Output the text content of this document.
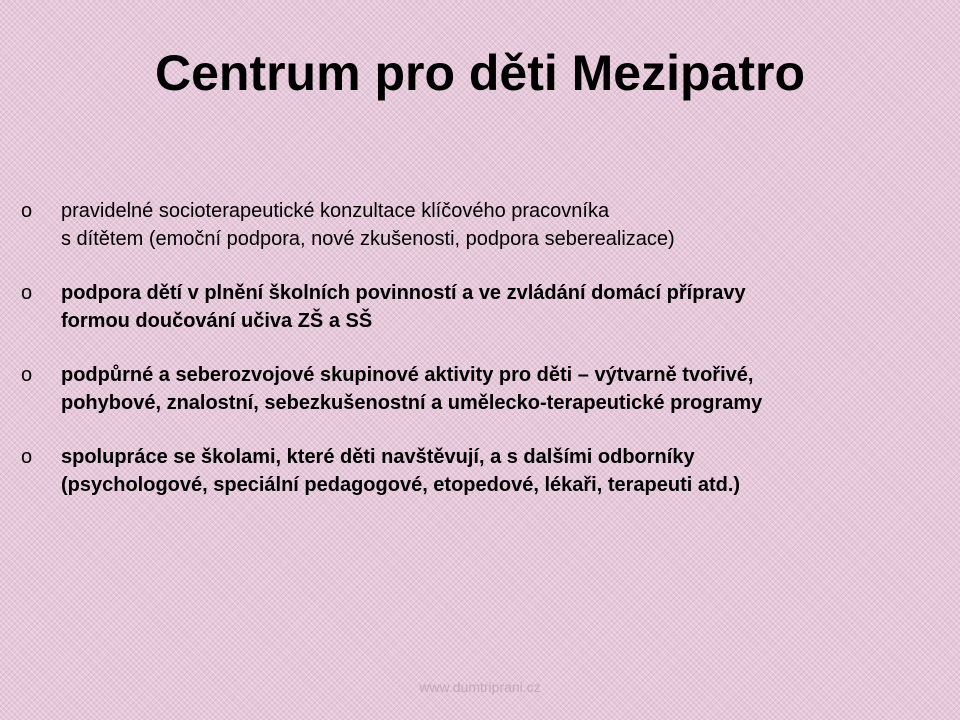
Centrum pro děti Mezipatro
o pravidelné socioterapeutické konzultace klíčového pracovníka
s dítětem (emoční podpora, nové zkušenosti, podpora seberealizace)
o podpora dětí v plnění školních povinností a ve zvládání domácí přípravy
formou doučování učiva ZŠ a SŠ
o podpůrné a seberozvojové skupinové aktivity pro děti – výtvarně tvořivé,
pohybové, znalostní, sebezkušenostní a umělecko-terapeutické programy
o spolupráce se školami, které děti navštěvují, a s dalšími odborníky
(psychologové, speciální pedagogové, etopedové, lékaři, terapeuti atd.)
www.dumtriprani.cz
